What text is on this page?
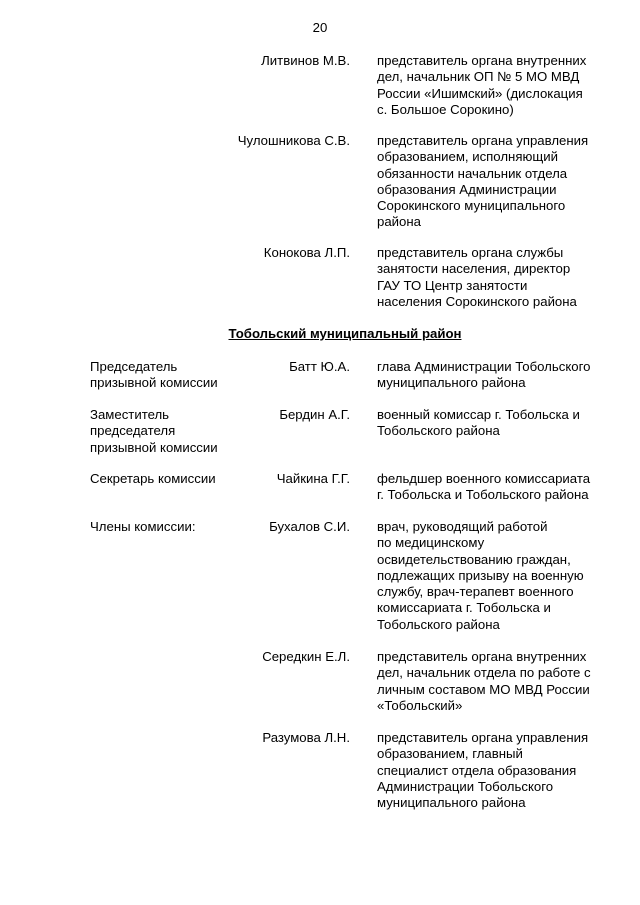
20
Литвинов М.В. представитель органа внутренних
дел, начальник ОП № 5 МО МВД
России «Ишимский» (дислокация
с. Большое Сорокино)
Чулошникова С.В. представитель органа управления
образованием, исполняющий
обязанности начальник отдела
образования Администрации
Сорокинского муниципального
района
Конокова Л.П. представитель органа службы
занятости населения, директор
ГАУ ТО Центр занятости
населения Сорокинского района
Тобольский муниципальный район
Председатель
призывной комиссии
Батт Ю.А. глава Администрации Тобольского
муниципального района
Заместитель
председателя
призывной комиссии
Бердин А.Г. военный комиссар г. Тобольска и
Тобольского района
Секретарь комиссии	Чайкина Г.Г. фельдшер военного комиссариата
г. Тобольска и Тобольского района
Члены комиссии:	Бухалов С.И. врач, руководящий работой
по медицинскому
освидетельствованию граждан,
подлежащих призыву на военную
службу, врач-терапевт военного
комиссариата г. Тобольска и
Тобольского района
Середкин Е.Л. представитель органа внутренних
дел, начальник отдела по работе с
личным составом МО МВД России
«Тобольский»
Разумова Л.Н. представитель органа управления
образованием, главный
специалист отдела образования
Администрации Тобольского
муниципального района
